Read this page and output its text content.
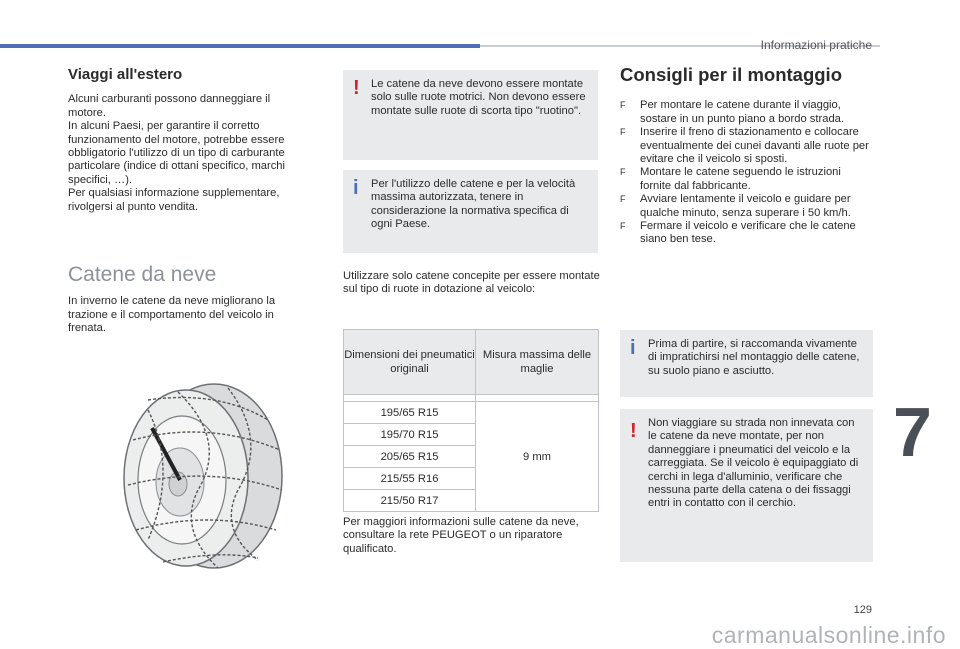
Informazioni pratiche
Viaggi all'estero

Alcuni carburanti possono danneggiare il motore.
In alcuni Paesi, per garantire il corretto funzionamento del motore, potrebbe essere obbligatorio l'utilizzo di un tipo di carburante particolare (indice di ottani specifico, marchi specifici, …).
Per qualsiasi informazione supplementare, rivolgersi al punto vendita.

Catene da neve

In inverno le catene da neve migliorano la trazione e il comportamento del veicolo in frenata.

! Le catene da neve devono essere montate solo sulle ruote motrici. Non devono essere montate sulle ruote di scorta tipo "ruotino".
i Per l'utilizzo delle catene e per la velocità massima autorizzata, tenere in considerazione la normativa specifica di ogni Paese.
Utilizzare solo catene concepite per essere montate sul tipo di ruote in dotazione al veicolo:
Dimensioni dei pneumatici originali	Misura massima delle maglie

195/65 R15	9 mm
195/70 R15	
205/65 R15	
215/55 R16	
215/50 R17	
Per maggiori informazioni sulle catene da neve, consultare la rete PEUGEOT o un riparatore qualificato.
Consigli per il montaggio
F Per montare le catene durante il viaggio, sostare in un punto piano a bordo strada.
F Inserire il freno di stazionamento e collocare eventualmente dei cunei davanti alle ruote per evitare che il veicolo si sposti.
F Montare le catene seguendo le istruzioni fornite dal fabbricante.
F Avviare lentamente il veicolo e guidare per qualche minuto, senza superare i 50 km/h.
F Fermare il veicolo e verificare che le catene siano ben tese.
i Prima di partire, si raccomanda vivamente di impratichirsi nel montaggio delle catene, su suolo piano e asciutto.
! Non viaggiare su strada non innevata con le catene da neve montate, per non danneggiare i pneumatici del veicolo e la carreggiata. Se il veicolo è equipaggiato di cerchi in lega d'alluminio, verificare che nessuna parte della catena o dei fissaggi entri in contatto con il cerchio.
7
129
carmanualsonline.info
